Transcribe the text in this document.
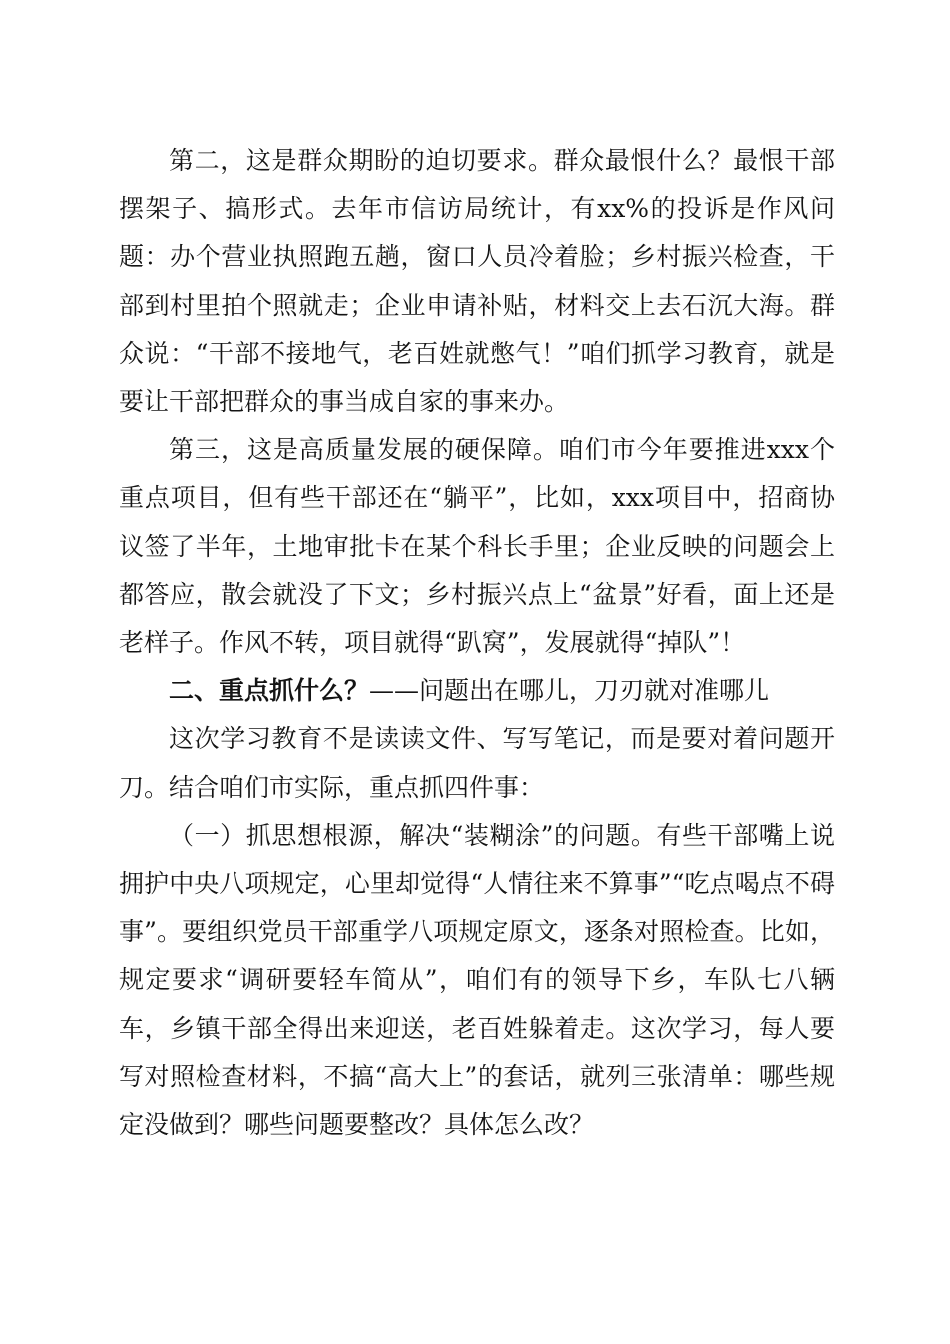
第二，这是群众期盼的迫切要求。群众最恨什么？最恨干部摆架子、搞形式。去年市信访局统计，有xx%的投诉是作风问题：办个营业执照跑五趟，窗口人员冷着脸；乡村振兴检查，干部到村里拍个照就走；企业申请补贴，材料交上去石沉大海。群众说：“干部不接地气，老百姓就憋气！”咱们抓学习教育，就是要让干部把群众的事当成自家的事来办。

第三，这是高质量发展的硬保障。咱们市今年要推进xxx个重点项目，但有些干部还在“躺平”，比如，xxx项目中，招商协议签了半年，土地审批卡在某个科长手里；企业反映的问题会上都答应，散会就没了下文；乡村振兴点上“盆景”好看，面上还是老样子。作风不转，项目就得“趴窝”，发展就得“掉队”！

二、重点抓什么？——问题出在哪儿，刀刃就对准哪儿

这次学习教育不是读读文件、写写笔记，而是要对着问题开刀。结合咱们市实际，重点抓四件事：

（一）抓思想根源，解决“装糊涂”的问题。有些干部嘴上说拥护中央八项规定，心里却觉得“人情往来不算事”“吃点喝点不碍事”。要组织党员干部重学八项规定原文，逐条对照检查。比如，规定要求“调研要轻车简从”，咱们有的领导下乡，车队七八辆车，乡镇干部全得出来迎送，老百姓躲着走。这次学习，每人要写对照检查材料，不搞“高大上”的套话，就列三张清单：哪些规定没做到？哪些问题要整改？具体怎么改？
